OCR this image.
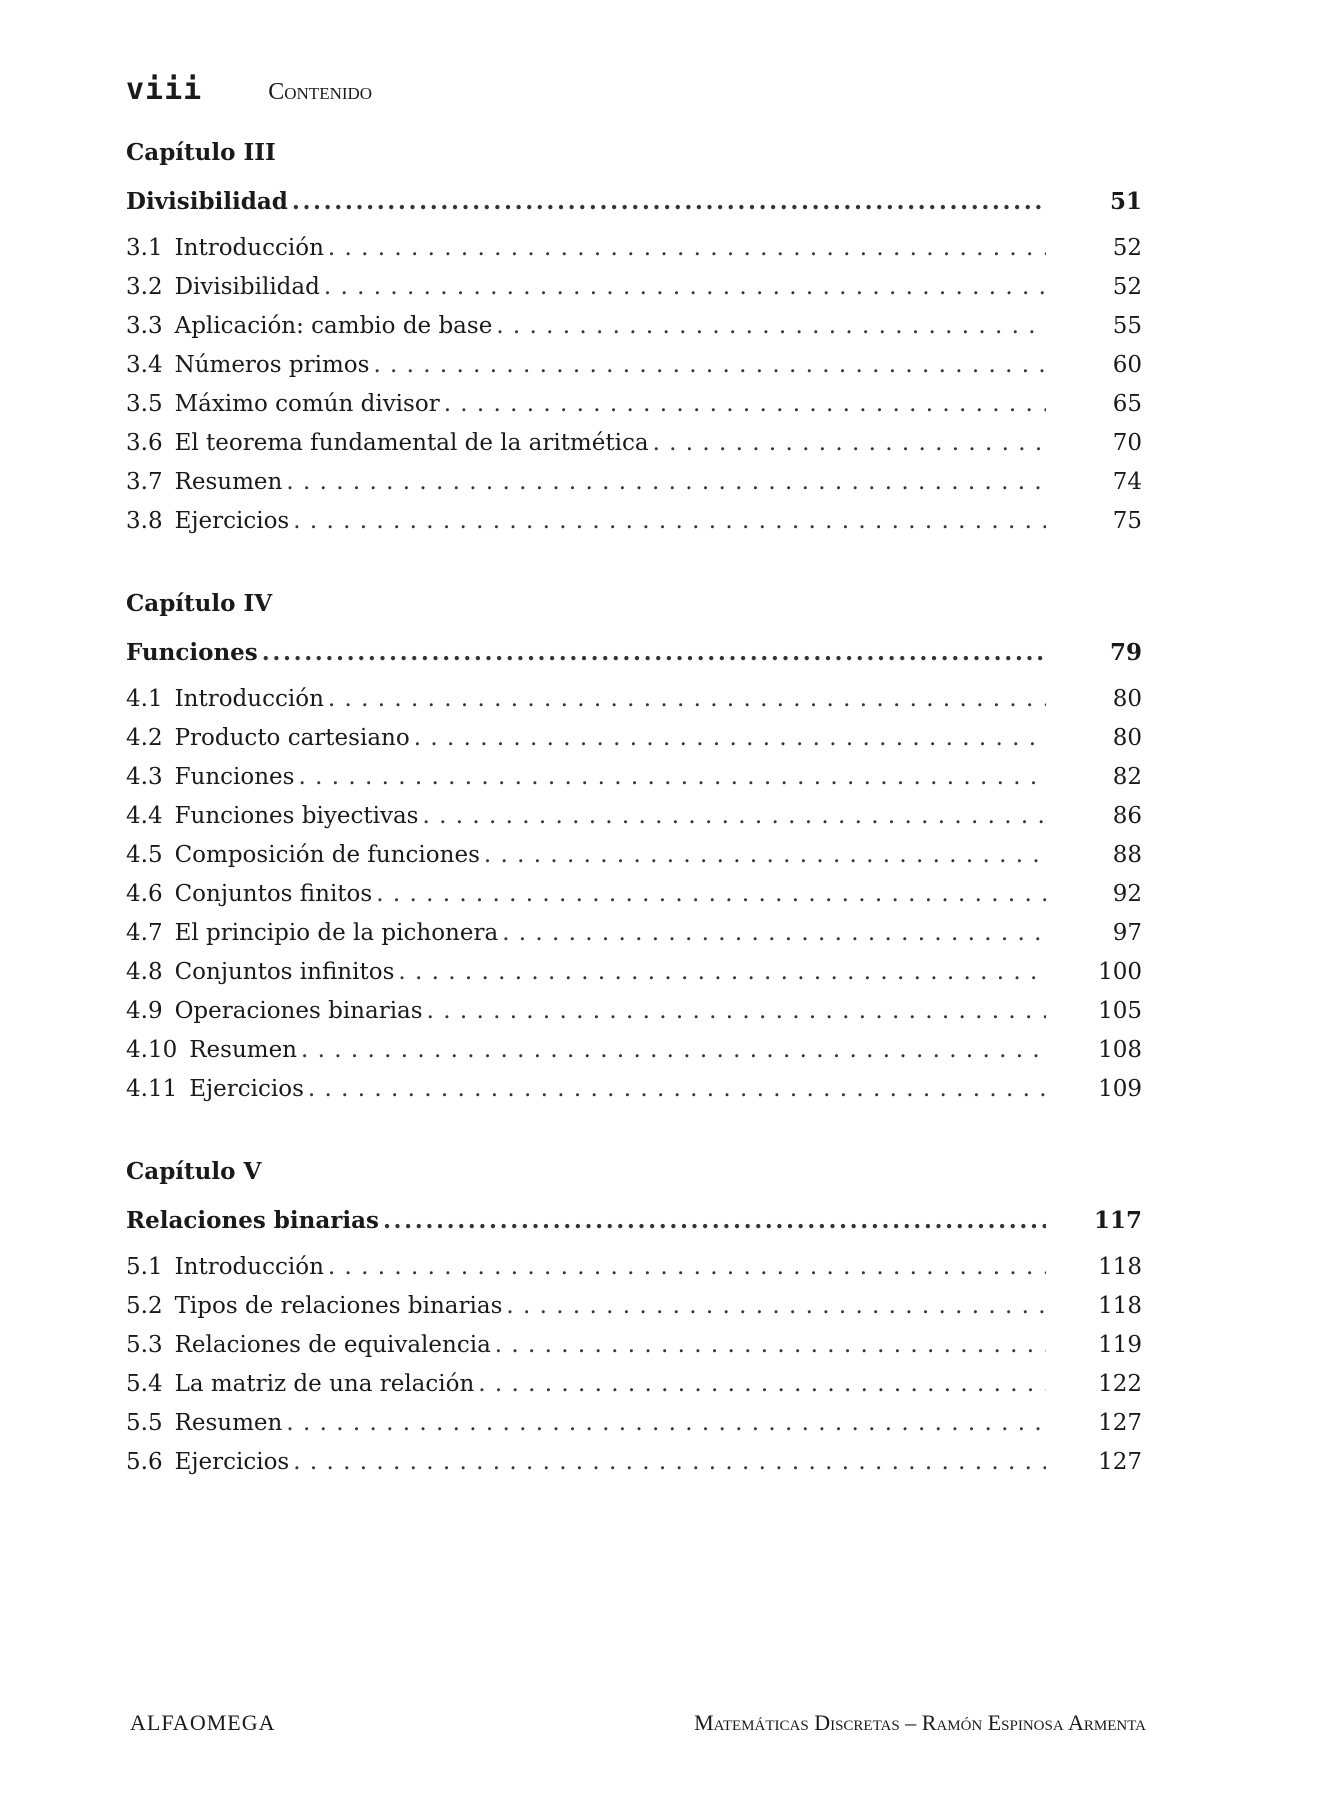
viii	Contenido
Capítulo III
Divisibilidad .....	51
3.1 Introducción . . .	52
3.2 Divisibilidad . . .	52
3.3 Aplicación: cambio de base . . .	55
3.4 Números primos . . .	60
3.5 Máximo común divisor . . .	65
3.6 El teorema fundamental de la aritmética . . .	70
3.7 Resumen . . .	74
3.8 Ejercicios . . .	75
Capítulo IV
Funciones .....	79
4.1 Introducción . . .	80
4.2 Producto cartesiano . . .	80
4.3 Funciones . . .	82
4.4 Funciones biyectivas . . .	86
4.5 Composición de funciones . . .	88
4.6 Conjuntos finitos . . .	92
4.7 El principio de la pichonera . . .	97
4.8 Conjuntos infinitos . . .	100
4.9 Operaciones binarias . . .	105
4.10 Resumen . . .	108
4.11 Ejercicios . . .	109
Capítulo V
Relaciones binarias .....	117
5.1 Introducción . . .	118
5.2 Tipos de relaciones binarias . . .	118
5.3 Relaciones de equivalencia . . .	119
5.4 La matriz de una relación . . .	122
5.5 Resumen . . .	127
5.6 Ejercicios . . .	127
ALFAOMEGA	Matemáticas Discretas – Ramón Espinosa Armenta
